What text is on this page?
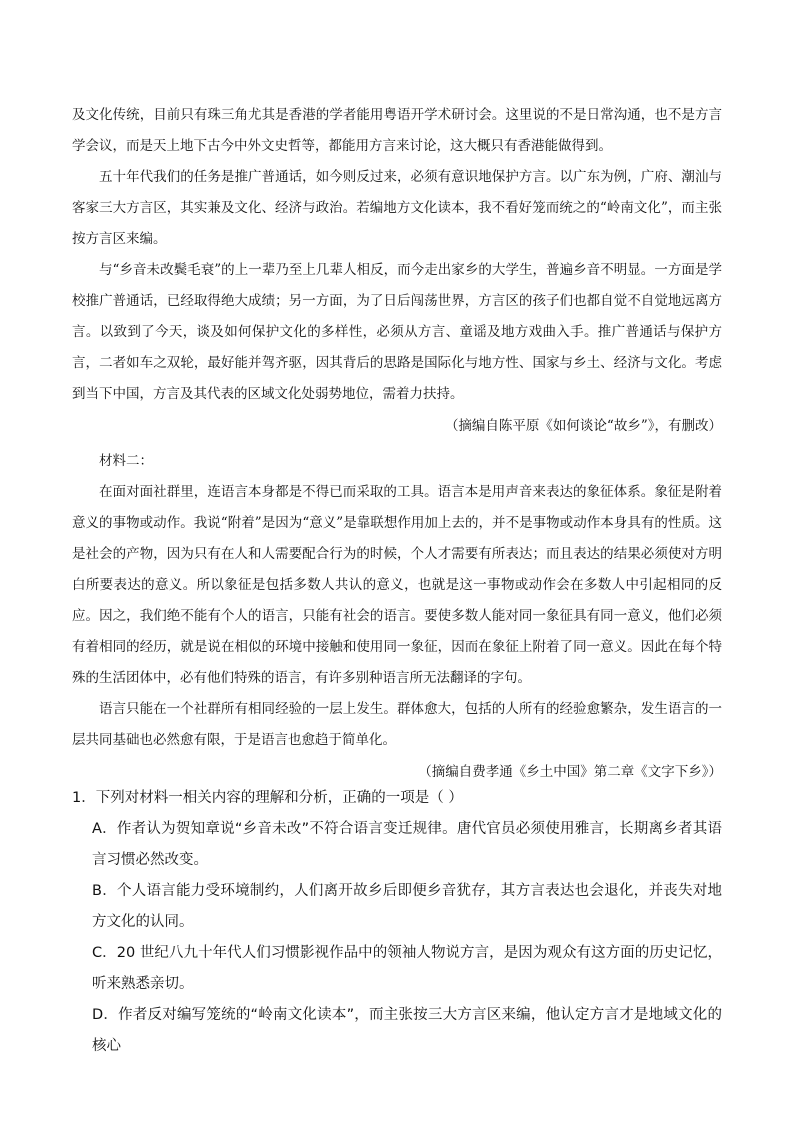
及文化传统，目前只有珠三角尤其是香港的学者能用粤语开学术研讨会。这里说的不是日常沟通，也不是方言学会议，而是天上地下古今中外文史哲等，都能用方言来讨论，这大概只有香港能做得到。

五十年代我们的任务是推广普通话，如今则反过来，必须有意识地保护方言。以广东为例，广府、潮汕与客家三大方言区，其实兼及文化、经济与政治。若编地方文化读本，我不看好笼而统之的“岭南文化”，而主张按方言区来编。

与“乡音未改鬓毛衰”的上一辈乃至上几辈人相反，而今走出家乡的大学生，普遍乡音不明显。一方面是学校推广普通话，已经取得绝大成绩；另一方面，为了日后闯荡世界，方言区的孩子们也都自觉不自觉地远离方言。以致到了今天，谈及如何保护文化的多样性，必须从方言、童谣及地方戏曲入手。推广普通话与保护方言，二者如车之双轮，最好能并驾齐驱，因其背后的思路是国际化与地方性、国家与乡土、经济与文化。考虑到当下中国，方言及其代表的区域文化处弱势地位，需着力扶持。

（摘编自陈平原《如何谈论“故乡”》，有删改）

材料二：

在面对面社群里，连语言本身都是不得已而采取的工具。语言本是用声音来表达的象征体系。象征是附着意义的事物或动作。我说“附着”是因为“意义”是靠联想作用加上去的，并不是事物或动作本身具有的性质。这是社会的产物，因为只有在人和人需要配合行为的时候，个人才需要有所表达；而且表达的结果必须使对方明白所要表达的意义。所以象征是包括多数人共认的意义，也就是这一事物或动作会在多数人中引起相同的反应。因之，我们绝不能有个人的语言，只能有社会的语言。要使多数人能对同一象征具有同一意义，他们必须有着相同的经历，就是说在相似的环境中接触和使用同一象征，因而在象征上附着了同一意义。因此在每个特殊的生活团体中，必有他们特殊的语言，有许多别种语言所无法翻译的字句。

语言只能在一个社群所有相同经验的一层上发生。群体愈大，包括的人所有的经验愈繁杂，发生语言的一层共同基础也必然愈有限，于是语言也愈趋于简单化。

（摘编自费孝通《乡土中国》第二章《文字下乡》）

1．下列对材料一相关内容的理解和分析，正确的一项是（ ）

A．作者认为贺知章说“乡音未改”不符合语言变迁规律。唐代官员必须使用雅言，长期离乡者其语言习惯必然改变。

B．个人语言能力受环境制约，人们离开故乡后即便乡音犹存，其方言表达也会退化，并丧失对地方文化的认同。

C．20 世纪八九十年代人们习惯影视作品中的领袖人物说方言，是因为观众有这方面的历史记忆，听来熟悉亲切。

D．作者反对编写笼统的“岭南文化读本”，而主张按三大方言区来编，他认定方言才是地域文化的核心
